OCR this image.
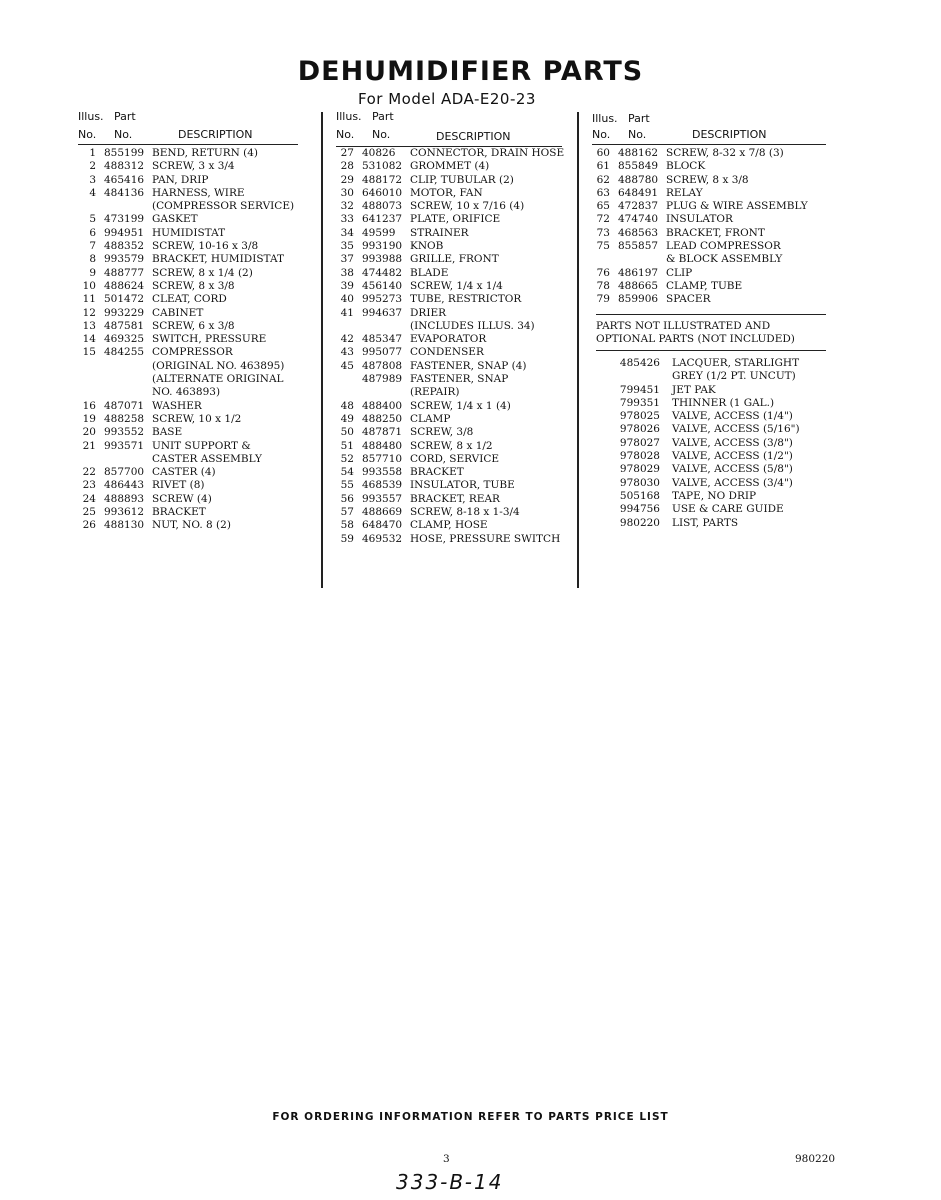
DEHUMIDIFIER PARTS
For Model ADA-E20-23
Illus. Part
No. No.	DESCRIPTION
1 855199 BEND, RETURN (4)
2 488312 SCREW, 3 x 3/4
3 465416 PAN, DRIP
4 484136 HARNESS, WIRE
(COMPRESSOR SERVICE)
5 473199 GASKET
6 994951 HUMIDISTAT
7 488352 SCREW, 10-16 x 3/8
8 993579 BRACKET, HUMIDISTAT
9 488777 SCREW, 8 x 1/4 (2)
10 488624 SCREW, 8 x 3/8
11 501472 CLEAT, CORD
12 993229 CABINET
13 487581 SCREW, 6 x 3/8
14 469325 SWITCH, PRESSURE
15 484255 COMPRESSOR
(ORIGINAL NO. 463895)
(ALTERNATE ORIGINAL
NO. 463893)
16 487071 WASHER
19 488258 SCREW, 10 x 1/2
20 993552 BASE
21 993571 UNIT SUPPORT &
CASTER ASSEMBLY
22 857700 CASTER (4)
23 486443 RIVET (8)
24 488893 SCREW (4)
25 993612 BRACKET
26 488130 NUT, NO. 8 (2)
Illus. Part
No. No.	DESCRIPTION
27 40826 CONNECTOR, DRAIN HOSE
28 531082 GROMMET (4)
29 488172 CLIP, TUBULAR (2)
30 646010 MOTOR, FAN
32 488073 SCREW, 10 x 7/16 (4)
33 641237 PLATE, ORIFICE
34 49599 STRAINER
35 993190 KNOB
37 993988 GRILLE, FRONT
38 474482 BLADE
39 456140 SCREW, 1/4 x 1/4
40 995273 TUBE, RESTRICTOR
41 994637 DRIER
(INCLUDES ILLUS. 34)
42 485347 EVAPORATOR
43 995077 CONDENSER
45 487808 FASTENER, SNAP (4)
487989 FASTENER, SNAP
(REPAIR)
48 488400 SCREW, 1/4 x 1 (4)
49 488250 CLAMP
50 487871 SCREW, 3/8
51 488480 SCREW, 8 x 1/2
52 857710 CORD, SERVICE
54 993558 BRACKET
55 468539 INSULATOR, TUBE
56 993557 BRACKET, REAR
57 488669 SCREW, 8-18 x 1-3/4
58 648470 CLAMP, HOSE
59 469532 HOSE, PRESSURE SWITCH
Illus. Part
No. No.	DESCRIPTION
60 488162 SCREW, 8-32 x 7/8 (3)
61 855849 BLOCK
62 488780 SCREW, 8 x 3/8
63 648491 RELAY
65 472837 PLUG & WIRE ASSEMBLY
72 474740 INSULATOR
73 468563 BRACKET, FRONT
75 855857 LEAD COMPRESSOR
& BLOCK ASSEMBLY
76 486197 CLIP
78 488665 CLAMP, TUBE
79 859906 SPACER
PARTS NOT ILLUSTRATED AND
OPTIONAL PARTS (NOT INCLUDED)
485426 LACQUER, STARLIGHT
GREY (1/2 PT. UNCUT)
799451 JET PAK
799351 THINNER (1 GAL.)
978025 VALVE, ACCESS (1/4")
978026 VALVE, ACCESS (5/16")
978027 VALVE, ACCESS (3/8")
978028 VALVE, ACCESS (1/2")
978029 VALVE, ACCESS (5/8")
978030 VALVE, ACCESS (3/4")
505168 TAPE, NO DRIP
994756 USE & CARE GUIDE
980220 LIST, PARTS
FOR ORDERING INFORMATION REFER TO PARTS PRICE LIST
3	980220
333-B-14
